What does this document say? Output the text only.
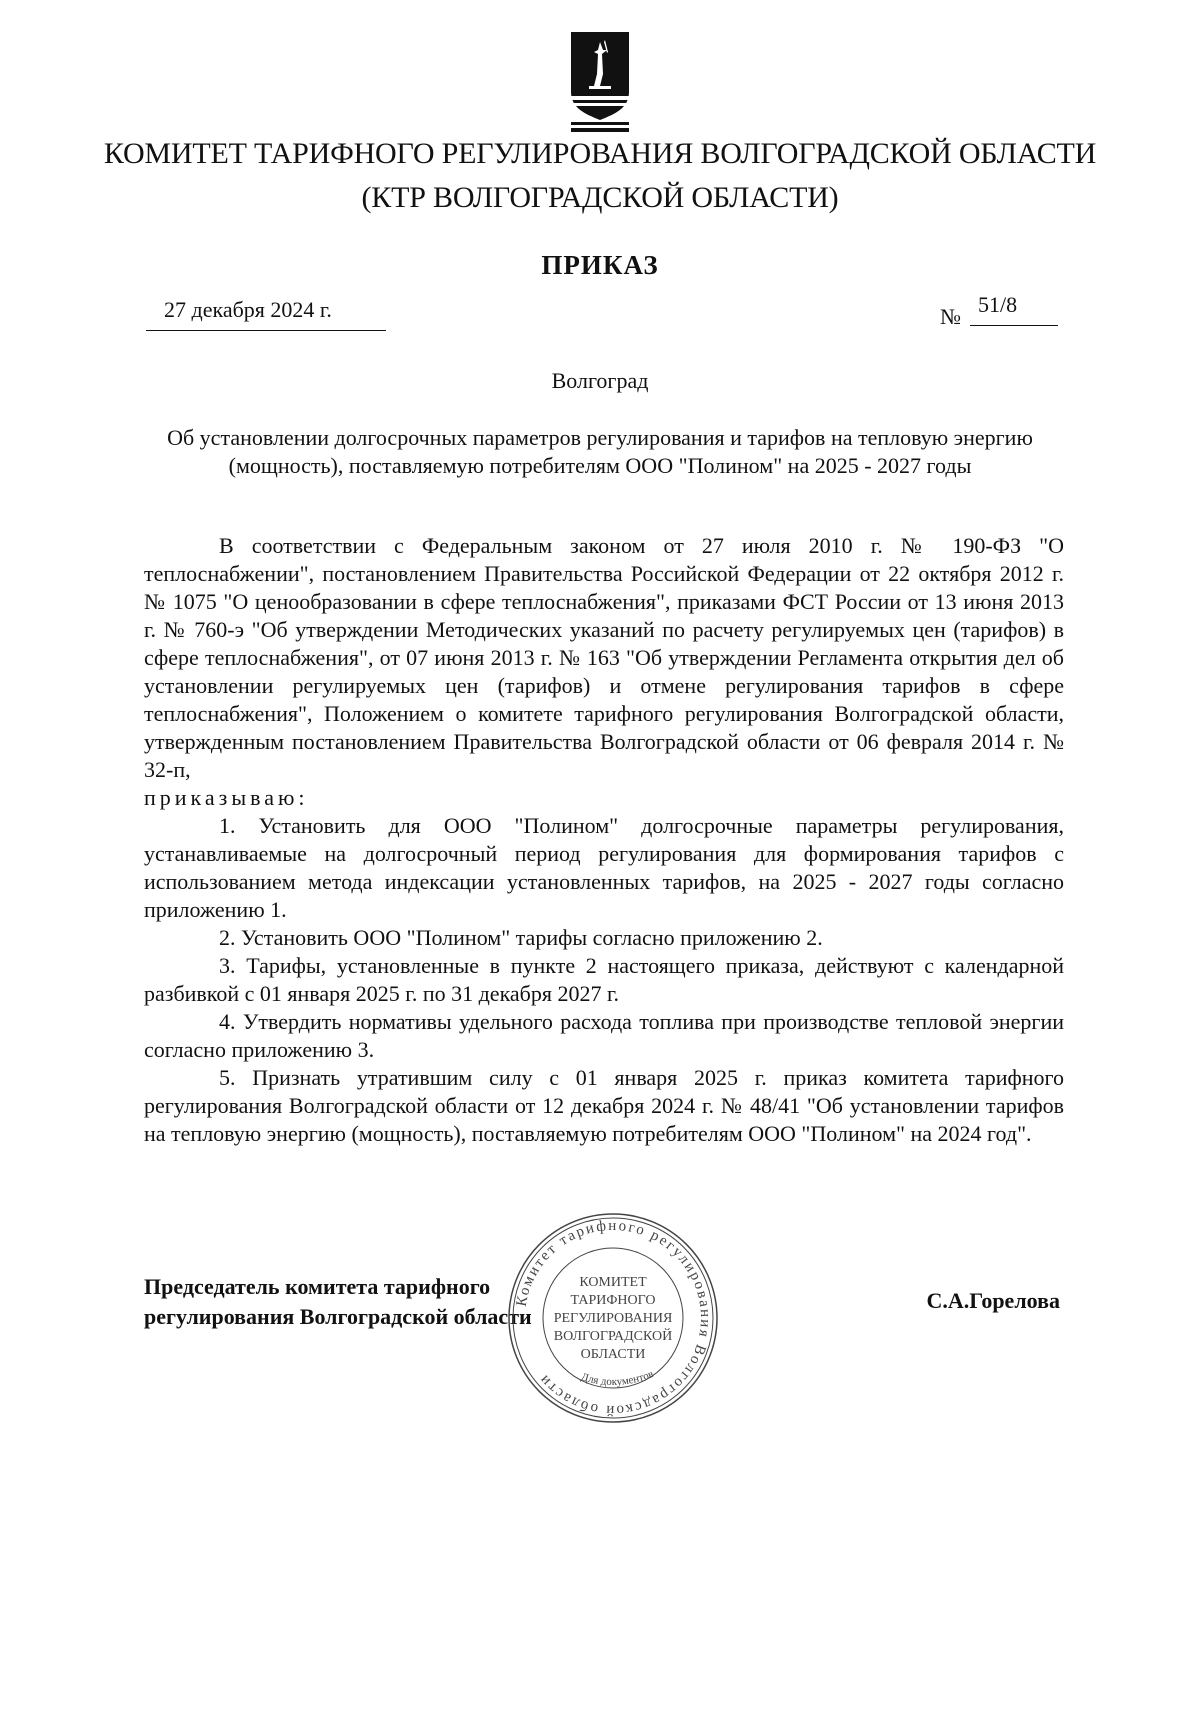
КОМИТЕТ ТАРИФНОГО РЕГУЛИРОВАНИЯ ВОЛГОГРАДСКОЙ ОБЛАСТИ
(КТР ВОЛГОГРАДСКОЙ ОБЛАСТИ)
ПРИКАЗ
27 декабря 2024 г.	№ 51/8
Волгоград
Об установлении долгосрочных параметров регулирования и тарифов на тепловую энергию (мощность), поставляемую потребителям ООО "Полином" на 2025 - 2027 годы

В соответствии с Федеральным законом от 27 июля 2010 г. № 190-ФЗ "О теплоснабжении", постановлением Правительства Российской Федерации от 22 октября 2012 г. № 1075 "О ценообразовании в сфере теплоснабжения", приказами ФСТ России от 13 июня 2013 г. № 760-э "Об утверждении Методических указаний по расчету регулируемых цен (тарифов) в сфере теплоснабжения", от 07 июня 2013 г. № 163 "Об утверждении Регламента открытия дел об установлении регулируемых цен (тарифов) и отмене регулирования тарифов в сфере теплоснабжения", Положением о комитете тарифного регулирования Волгоградской области, утвержденным постановлением Правительства Волгоградской области от 06 февраля 2014 г. № 32-п,

приказываю:

1. Установить для ООО "Полином" долгосрочные параметры регулирования, устанавливаемые на долгосрочный период регулирования для формирования тарифов с использованием метода индексации установленных тарифов, на 2025 - 2027 годы согласно приложению 1.

2. Установить ООО "Полином" тарифы согласно приложению 2.

3. Тарифы, установленные в пункте 2 настоящего приказа, действуют с календарной разбивкой с 01 января 2025 г. по 31 декабря 2027 г.

4. Утвердить нормативы удельного расхода топлива при производстве тепловой энергии согласно приложению 3.

5. Признать утратившим силу с 01 января 2025 г. приказ комитета тарифного регулирования Волгоградской области от 12 декабря 2024 г. № 48/41 "Об установлении тарифов на тепловую энергию (мощность), поставляемую потребителям ООО "Полином" на 2024 год".

Председатель комитета тарифного
регулирования Волгоградской области
С.А.Горелова
Комитет тарифного регулирования Волгоградской области
КОМИТЕТ
ТАРИФНОГО
РЕГУЛИРОВАНИЯ
ВОЛГОГРАДСКОЙ
ОБЛАСТИ
Для документов
